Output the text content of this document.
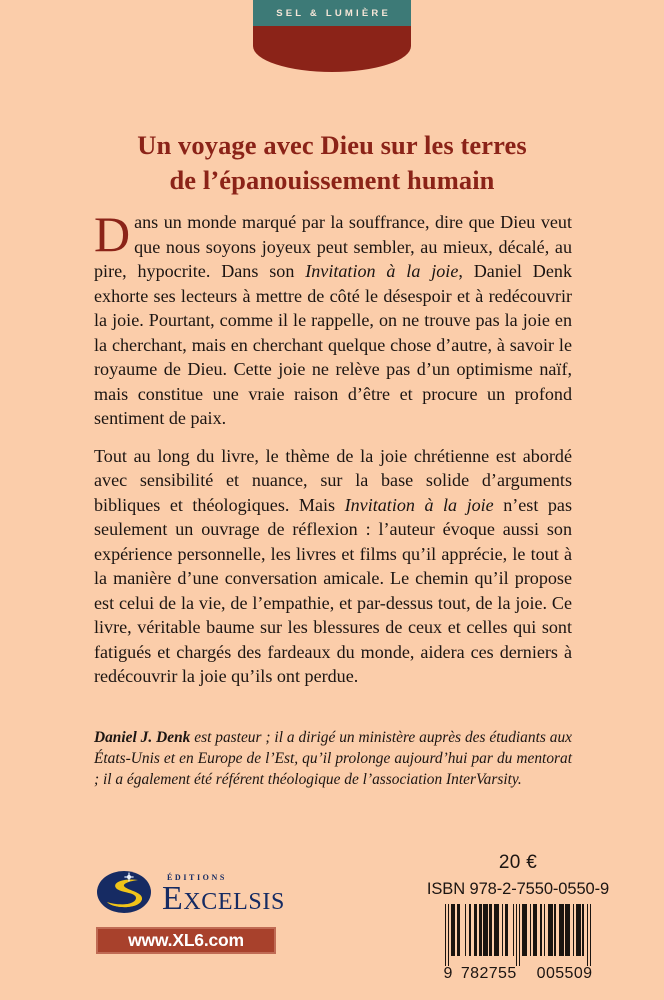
SEL & LUMIÈRE
Un voyage avec Dieu sur les terres
de l’épanouissement humain

Dans un monde marqué par la souffrance, dire que Dieu veut que nous soyons joyeux peut sembler, au mieux, décalé, au pire, hypocrite. Dans son Invitation à la joie, Daniel Denk exhorte ses lecteurs à mettre de côté le désespoir et à redécouvrir la joie. Pourtant, comme il le rappelle, on ne trouve pas la joie en la cherchant, mais en cherchant quelque chose d’autre, à savoir le royaume de Dieu. Cette joie ne relève pas d’un optimisme naïf, mais constitue une vraie raison d’être et procure un profond sentiment de paix.

Tout au long du livre, le thème de la joie chrétienne est abordé avec sensibilité et nuance, sur la base solide d’arguments bibliques et théologiques. Mais Invitation à la joie n’est pas seulement un ouvrage de réflexion : l’auteur évoque aussi son expérience personnelle, les livres et films qu’il apprécie, le tout à la manière d’une conversation amicale. Le chemin qu’il propose est celui de la vie, de l’empathie, et par-dessus tout, de la joie. Ce livre, véritable baume sur les blessures de ceux et celles qui sont fatigués et chargés des fardeaux du monde, aidera ces derniers à redécouvrir la joie qu’ils ont perdue.

Daniel J. Denk est pasteur ; il a dirigé un ministère auprès des étudiants aux États-Unis et en Europe de l’Est, qu’il prolonge aujourd’hui par du mentorat ; il a également été référent théologique de l’association InterVarsity.
ÉDITIONS
Excelsis
www.XL6.com
20 €
ISBN 978-2-7550-0550-9
9 782755 005509
